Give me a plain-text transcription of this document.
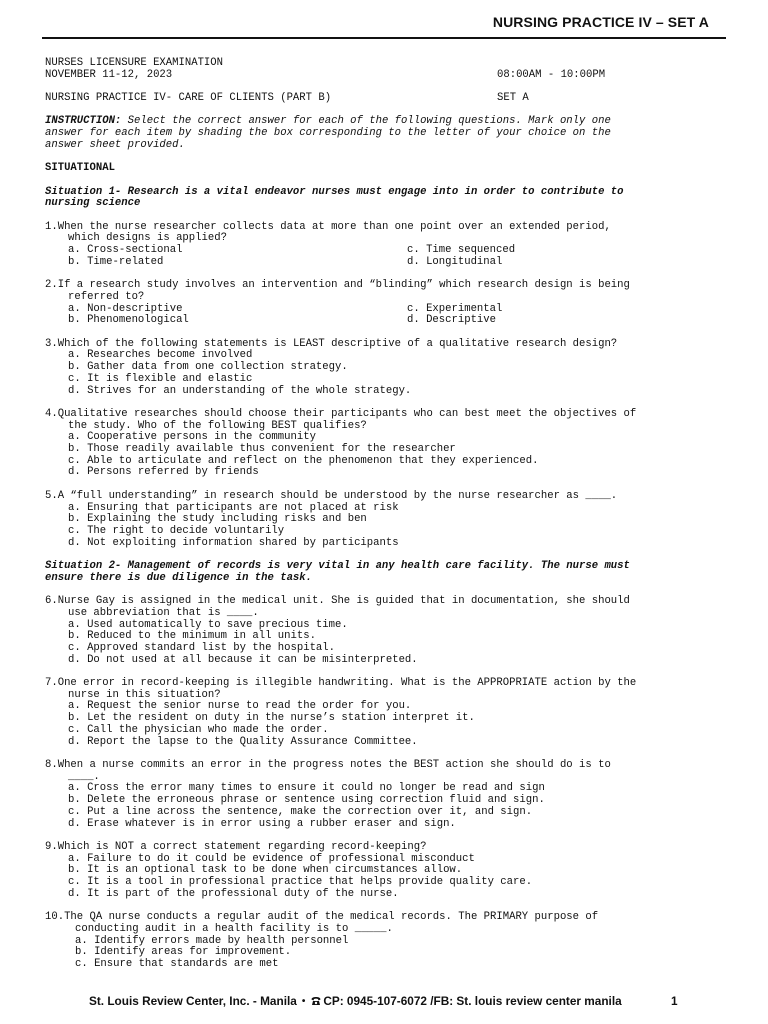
NURSING PRACTICE IV – SET A
NURSES LICENSURE EXAMINATION
NOVEMBER 11-12, 2023	08:00AM - 10:00PM
NURSING PRACTICE IV- CARE OF CLIENTS (PART B)	SET A
INSTRUCTION: Select the correct answer for each of the following questions. Mark only one
answer for each item by shading the box corresponding to the letter of your choice on the
answer sheet provided.
SITUATIONAL
Situation 1- Research is a vital endeavor nurses must engage into in order to contribute to
nursing science
1. When the nurse researcher collects data at more than one point over an extended period,
which designs is applied?
a. Cross-sectional	c. Time sequenced
b. Time-related	d. Longitudinal
2. If a research study involves an intervention and “blinding” which research design is being
referred to?
a. Non-descriptive	c. Experimental
b. Phenomenological	d. Descriptive
3. Which of the following statements is LEAST descriptive of a qualitative research design?
a. Researches become involved
b. Gather data from one collection strategy.
c. It is flexible and elastic
d. Strives for an understanding of the whole strategy.
4. Qualitative researches should choose their participants who can best meet the objectives of
the study. Who of the following BEST qualifies?
a. Cooperative persons in the community
b. Those readily available thus convenient for the researcher
c. Able to articulate and reflect on the phenomenon that they experienced.
d. Persons referred by friends
5. A “full understanding” in research should be understood by the nurse researcher as ____.
a. Ensuring that participants are not placed at risk
b. Explaining the study including risks and ben
c. The right to decide voluntarily
d. Not exploiting information shared by participants
Situation 2- Management of records is very vital in any health care facility. The nurse must
ensure there is due diligence in the task.
6. Nurse Gay is assigned in the medical unit. She is guided that in documentation, she should
use abbreviation that is ____.
a. Used automatically to save precious time.
b. Reduced to the minimum in all units.
c. Approved standard list by the hospital.
d. Do not used at all because it can be misinterpreted.
7. One error in record-keeping is illegible handwriting. What is the APPROPRIATE action by the
nurse in this situation?
a. Request the senior nurse to read the order for you.
b. Let the resident on duty in the nurse’s station interpret it.
c. Call the physician who made the order.
d. Report the lapse to the Quality Assurance Committee.
8. When a nurse commits an error in the progress notes the BEST action she should do is to
____.
a. Cross the error many times to ensure it could no longer be read and sign
b. Delete the erroneous phrase or sentence using correction fluid and sign.
c. Put a line across the sentence, make the correction over it, and sign.
d. Erase whatever is in error using a rubber eraser and sign.
9. Which is NOT a correct statement regarding record-keeping?
a. Failure to do it could be evidence of professional misconduct
b. It is an optional task to be done when circumstances allow.
c. It is a tool in professional practice that helps provide quality care.
d. It is part of the professional duty of the nurse.
10. The QA nurse conducts a regular audit of the medical records. The PRIMARY purpose of
conducting audit in a health facility is to _____.
a. Identify errors made by health personnel
b. Identify areas for improvement.
c. Ensure that standards are met
St. Louis Review Center, Inc. - Manila • CP: 0945-107-6072 /FB: St. louis review center manila	1
